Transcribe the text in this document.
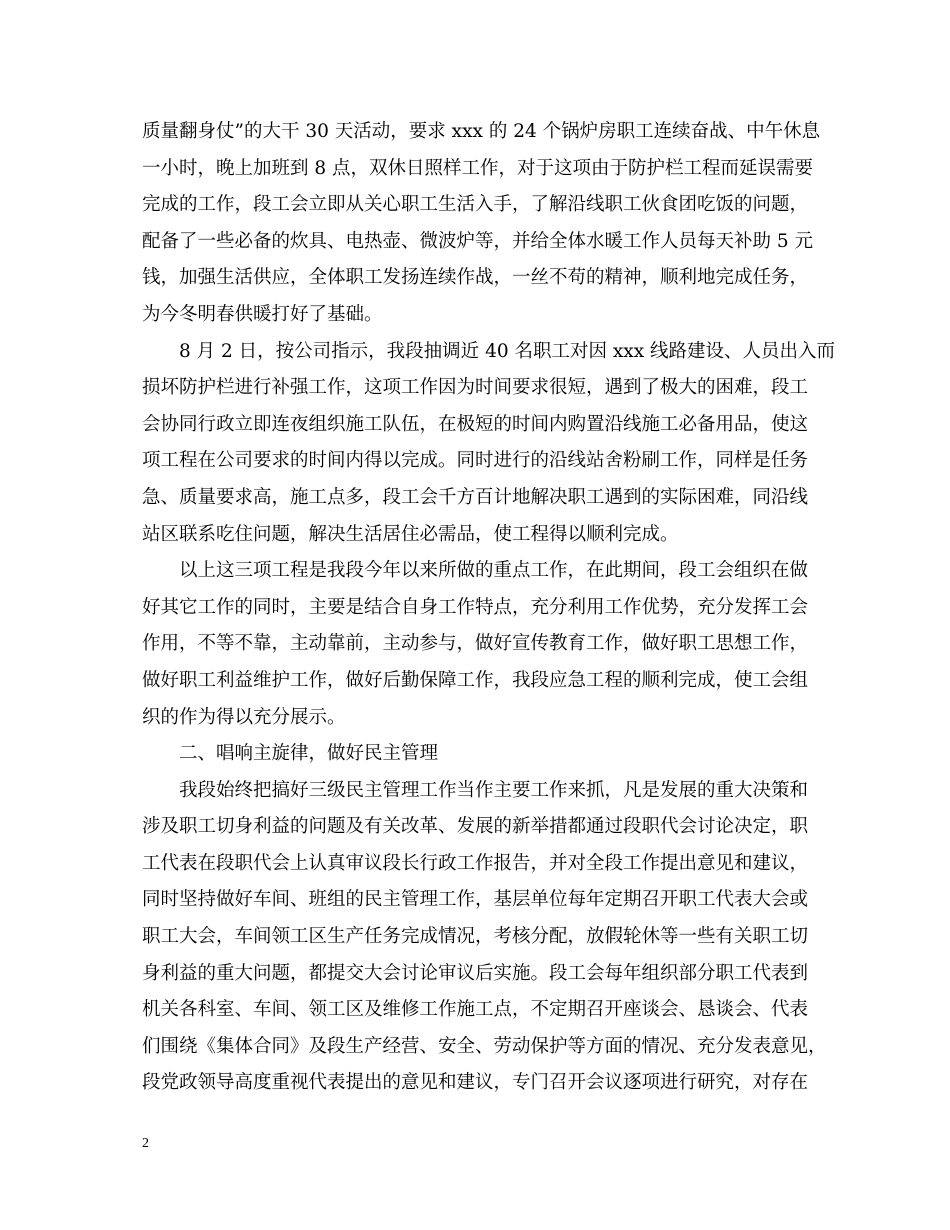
质量翻身仗”的大干 30 天活动，要求 xxx 的 24 个锅炉房职工连续奋战、中午休息
一小时，晚上加班到 8 点，双休日照样工作，对于这项由于防护栏工程而延误需要
完成的工作，段工会立即从关心职工生活入手，了解沿线职工伙食团吃饭的问题，
配备了一些必备的炊具、电热壶、微波炉等，并给全体水暖工作人员每天补助 5 元
钱，加强生活供应，全体职工发扬连续作战，一丝不苟的精神，顺利地完成任务，
为今冬明春供暖打好了基础。
8 月 2 日，按公司指示，我段抽调近 40 名职工对因 xxx 线路建设、人员出入而
损坏防护栏进行补强工作，这项工作因为时间要求很短，遇到了极大的困难，段工
会协同行政立即连夜组织施工队伍，在极短的时间内购置沿线施工必备用品，使这
项工程在公司要求的时间内得以完成。同时进行的沿线站舍粉刷工作，同样是任务
急、质量要求高，施工点多，段工会千方百计地解决职工遇到的实际困难，同沿线
站区联系吃住问题，解决生活居住必需品，使工程得以顺利完成。
以上这三项工程是我段今年以来所做的重点工作，在此期间，段工会组织在做
好其它工作的同时，主要是结合自身工作特点，充分利用工作优势，充分发挥工会
作用，不等不靠，主动靠前，主动参与，做好宣传教育工作，做好职工思想工作，
做好职工利益维护工作，做好后勤保障工作，我段应急工程的顺利完成，使工会组
织的作为得以充分展示。
二、唱响主旋律，做好民主管理
我段始终把搞好三级民主管理工作当作主要工作来抓，凡是发展的重大决策和
涉及职工切身利益的问题及有关改革、发展的新举措都通过段职代会讨论决定，职
工代表在段职代会上认真审议段长行政工作报告，并对全段工作提出意见和建议，
同时坚持做好车间、班组的民主管理工作，基层单位每年定期召开职工代表大会或
职工大会，车间领工区生产任务完成情况，考核分配，放假轮休等一些有关职工切
身利益的重大问题，都提交大会讨论审议后实施。段工会每年组织部分职工代表到
机关各科室、车间、领工区及维修工作施工点，不定期召开座谈会、恳谈会、代表
们围绕《集体合同》及段生产经营、安全、劳动保护等方面的情况、充分发表意见，
段党政领导高度重视代表提出的意见和建议，专门召开会议逐项进行研究，对存在
2
